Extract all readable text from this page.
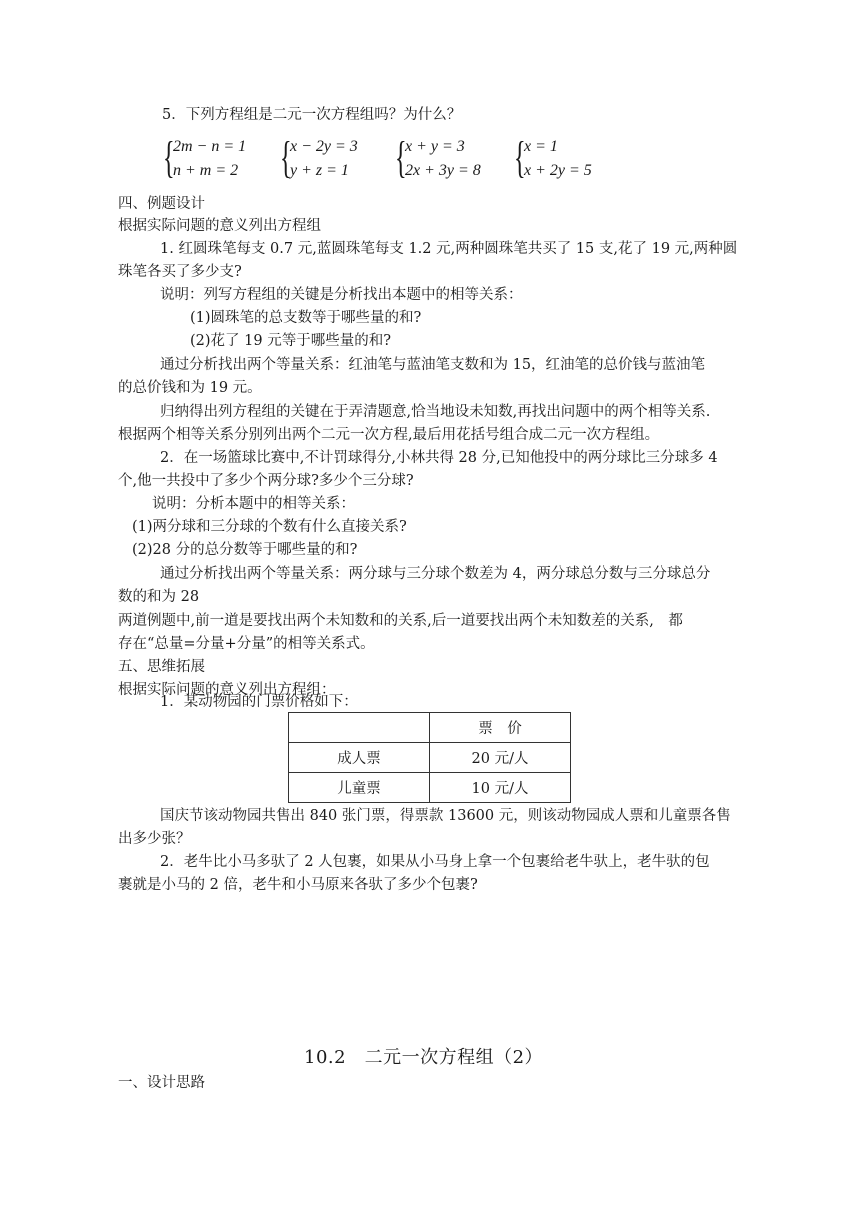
5．下列方程组是二元一次方程组吗？为什么？
{
2m − n = 1
n + m = 2 {
x − 2y = 3
y + z = 1 {
x + y = 3
2x + 3y = 8 {
x = 1
x + 2y = 5
四、例题设计
根据实际问题的意义列出方程组
1. 红圆珠笔每支 0.7 元,蓝圆珠笔每支 1.2 元,两种圆珠笔共买了 15 支,花了 19 元,两种圆
珠笔各买了多少支?
说明：列写方程组的关键是分析找出本题中的相等关系：
(1)圆珠笔的总支数等于哪些量的和?
(2)花了 19 元等于哪些量的和?
通过分析找出两个等量关系：红油笔与蓝油笔支数和为 15，红油笔的总价钱与蓝油笔
的总价钱和为 19 元。
归纳得出列方程组的关键在于弄清题意,恰当地设未知数,再找出问题中的两个相等关系.
根据两个相等关系分别列出两个二元一次方程,最后用花括号组合成二元一次方程组。
2．在一场篮球比赛中,不计罚球得分,小林共得 28 分,已知他投中的两分球比三分球多 4
个,他一共投中了多少个两分球?多少个三分球?
说明：分析本题中的相等关系：
(1)两分球和三分球的个数有什么直接关系?
(2)28 分的总分数等于哪些量的和?
通过分析找出两个等量关系：两分球与三分球个数差为 4，两分球总分数与三分球总分
数的和为 28
两道例题中,前一道是要找出两个未知数和的关系,后一道要找出两个未知数差的关系,　都
存在“总量=分量+分量”的相等关系式。
五、思维拓展
根据实际问题的意义列出方程组：
1．某动物园的门票价格如下：
	票　价
成人票	20 元/人
儿童票	10 元/人
国庆节该动物园共售出 840 张门票，得票款 13600 元，则该动物园成人票和儿童票各售
出多少张？
2．老牛比小马多驮了 2 人包裹，如果从小马身上拿一个包裹给老牛驮上，老牛驮的包
裹就是小马的 2 倍，老牛和小马原来各驮了多少个包裹?
10.2　二元一次方程组（2）
一、设计思路
